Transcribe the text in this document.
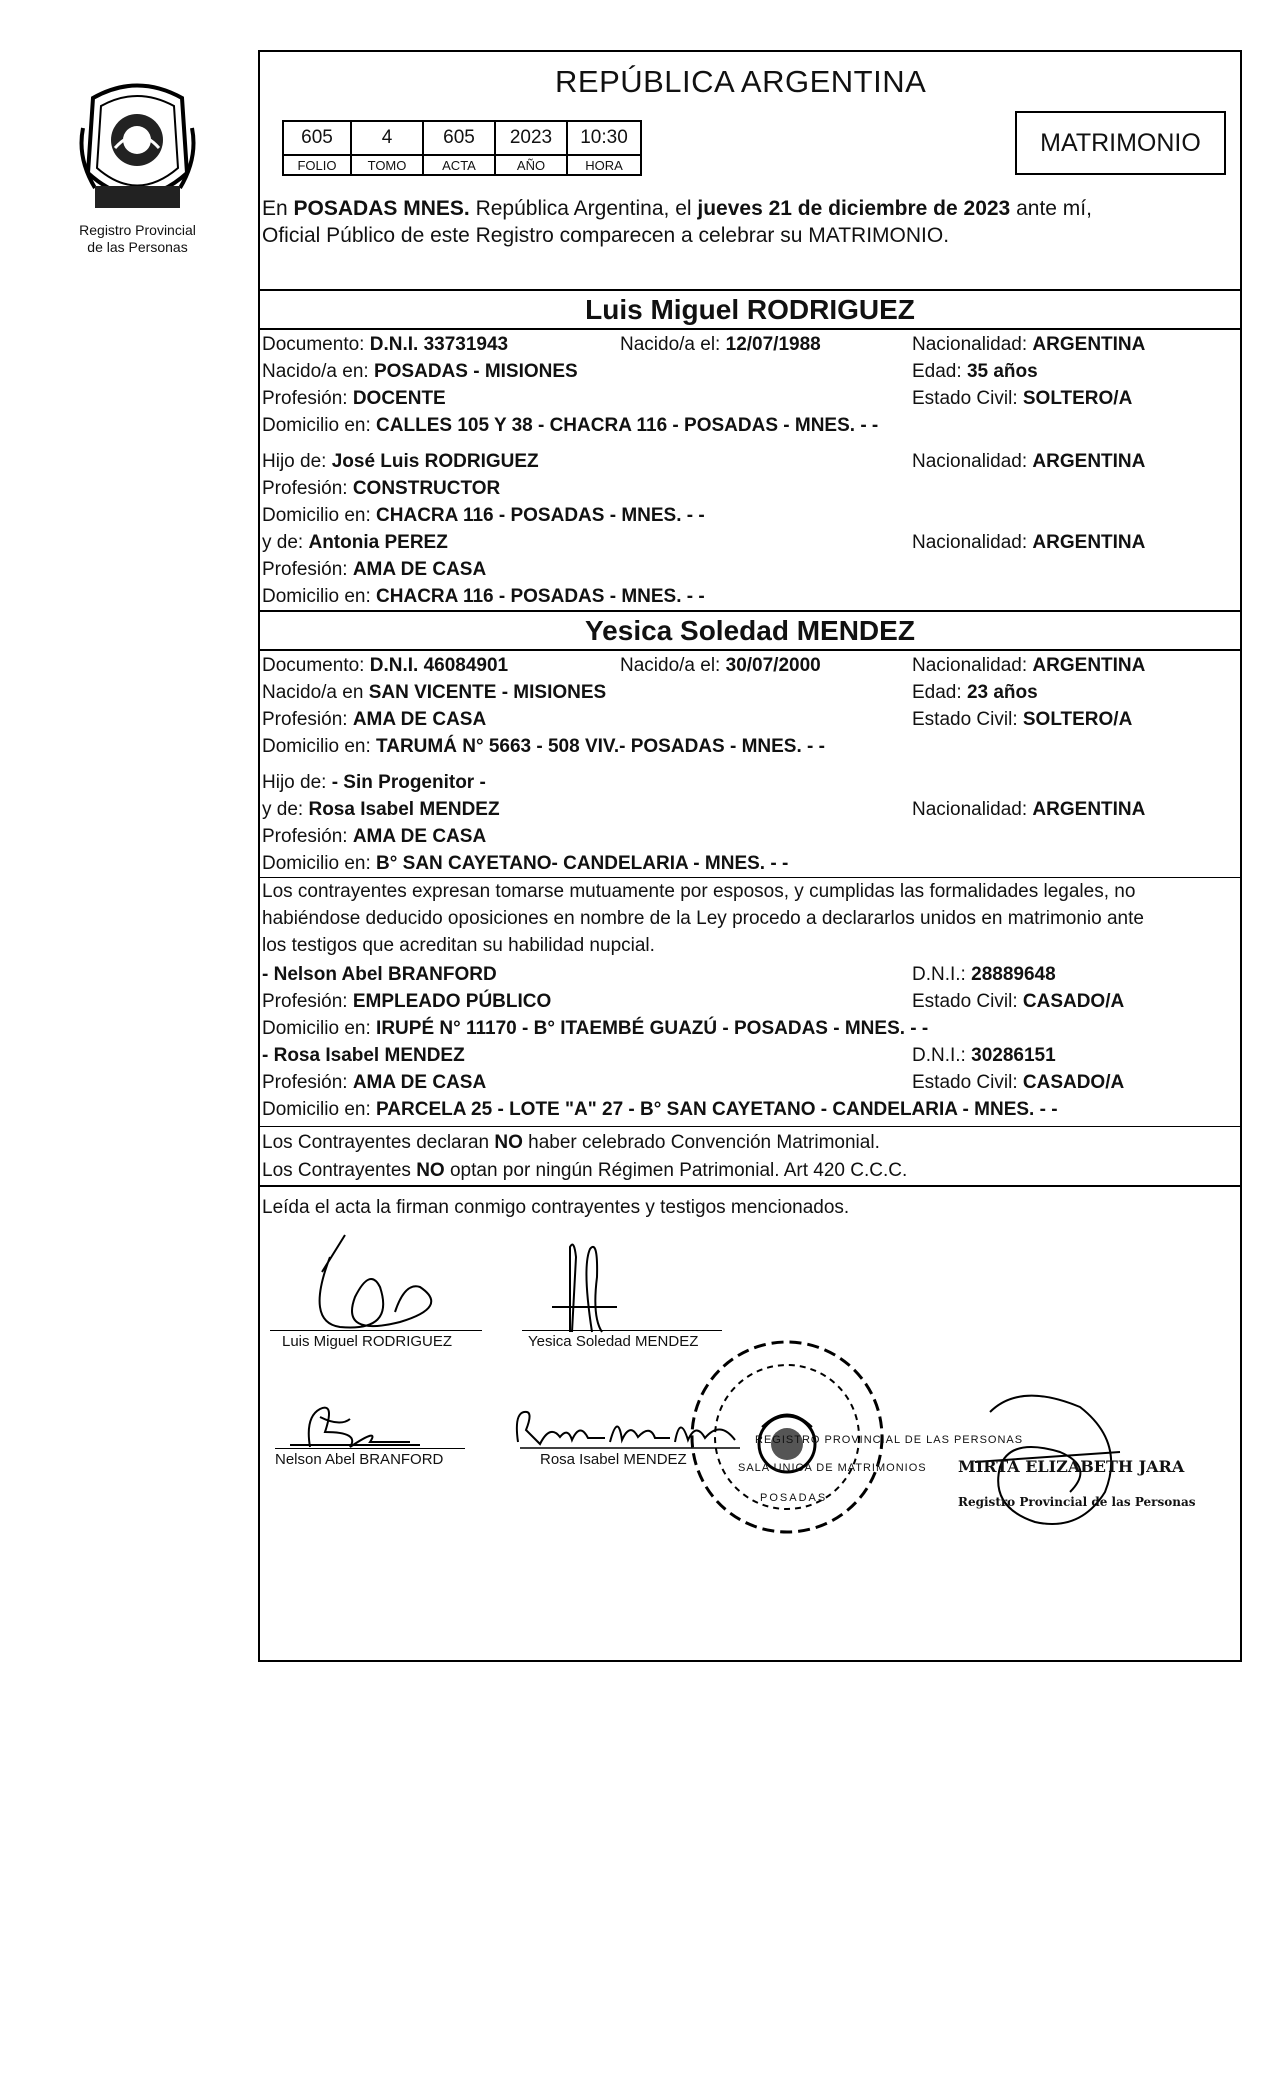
Registro Provincial
de las Personas
REPÚBLICA ARGENTINA
605	4	605	2023	10:30
FOLIO	TOMO	ACTA	AÑO	HORA
MATRIMONIO
En POSADAS MNES. República Argentina, el jueves 21 de diciembre de 2023 ante mí,
Oficial Público de este Registro comparecen a celebrar su MATRIMONIO.
Luis Miguel RODRIGUEZ
Documento: D.N.I. 33731943	Nacido/a el: 12/07/1988	Nacionalidad: ARGENTINA
Nacido/a en: POSADAS - MISIONES	Edad: 35 años
Profesión: DOCENTE	Estado Civil: SOLTERO/A
Domicilio en: CALLES 105 Y 38 - CHACRA 116 - POSADAS - MNES. - -
Hijo de: José Luis RODRIGUEZ	Nacionalidad: ARGENTINA
Profesión: CONSTRUCTOR
Domicilio en: CHACRA 116 - POSADAS - MNES. - -
y de: Antonia PEREZ	Nacionalidad: ARGENTINA
Profesión: AMA DE CASA
Domicilio en: CHACRA 116 - POSADAS - MNES. - -
Yesica Soledad MENDEZ
Documento: D.N.I. 46084901	Nacido/a el: 30/07/2000	Nacionalidad: ARGENTINA
Nacido/a en SAN VICENTE - MISIONES	Edad: 23 años
Profesión: AMA DE CASA	Estado Civil: SOLTERO/A
Domicilio en: TARUMÁ N° 5663 - 508 VIV.- POSADAS - MNES. - -
Hijo de: - Sin Progenitor -
y de: Rosa Isabel MENDEZ	Nacionalidad: ARGENTINA
Profesión: AMA DE CASA
Domicilio en: B° SAN CAYETANO- CANDELARIA - MNES. - -
Los contrayentes expresan tomarse mutuamente por esposos, y cumplidas las formalidades legales, no
habiéndose deducido oposiciones en nombre de la Ley procedo a declararlos unidos en matrimonio ante
los testigos que acreditan su habilidad nupcial.
- Nelson Abel BRANFORD	D.N.I.: 28889648
Profesión: EMPLEADO PÚBLICO	Estado Civil: CASADO/A
Domicilio en: IRUPÉ N° 11170 - B° ITAEMBÉ GUAZÚ - POSADAS - MNES. - -
- Rosa Isabel MENDEZ	D.N.I.: 30286151
Profesión: AMA DE CASA	Estado Civil: CASADO/A
Domicilio en: PARCELA 25 - LOTE "A" 27 - B° SAN CAYETANO - CANDELARIA - MNES. - -
Los Contrayentes declaran NO haber celebrado Convención Matrimonial.
Los Contrayentes NO optan por ningún Régimen Patrimonial. Art 420 C.C.C.
Leída el acta la firman conmigo contrayentes y testigos mencionados.
Luis Miguel RODRIGUEZ	Yesica Soledad MENDEZ
Nelson Abel BRANFORD	Rosa Isabel MENDEZ	SALA UNICA DE MATRIMONIOS
REGISTRO PROVINCIAL DE LAS PERSONAS
POSADAS
MIRTA ELIZABETH JARA
Registro Provincial de las Personas
